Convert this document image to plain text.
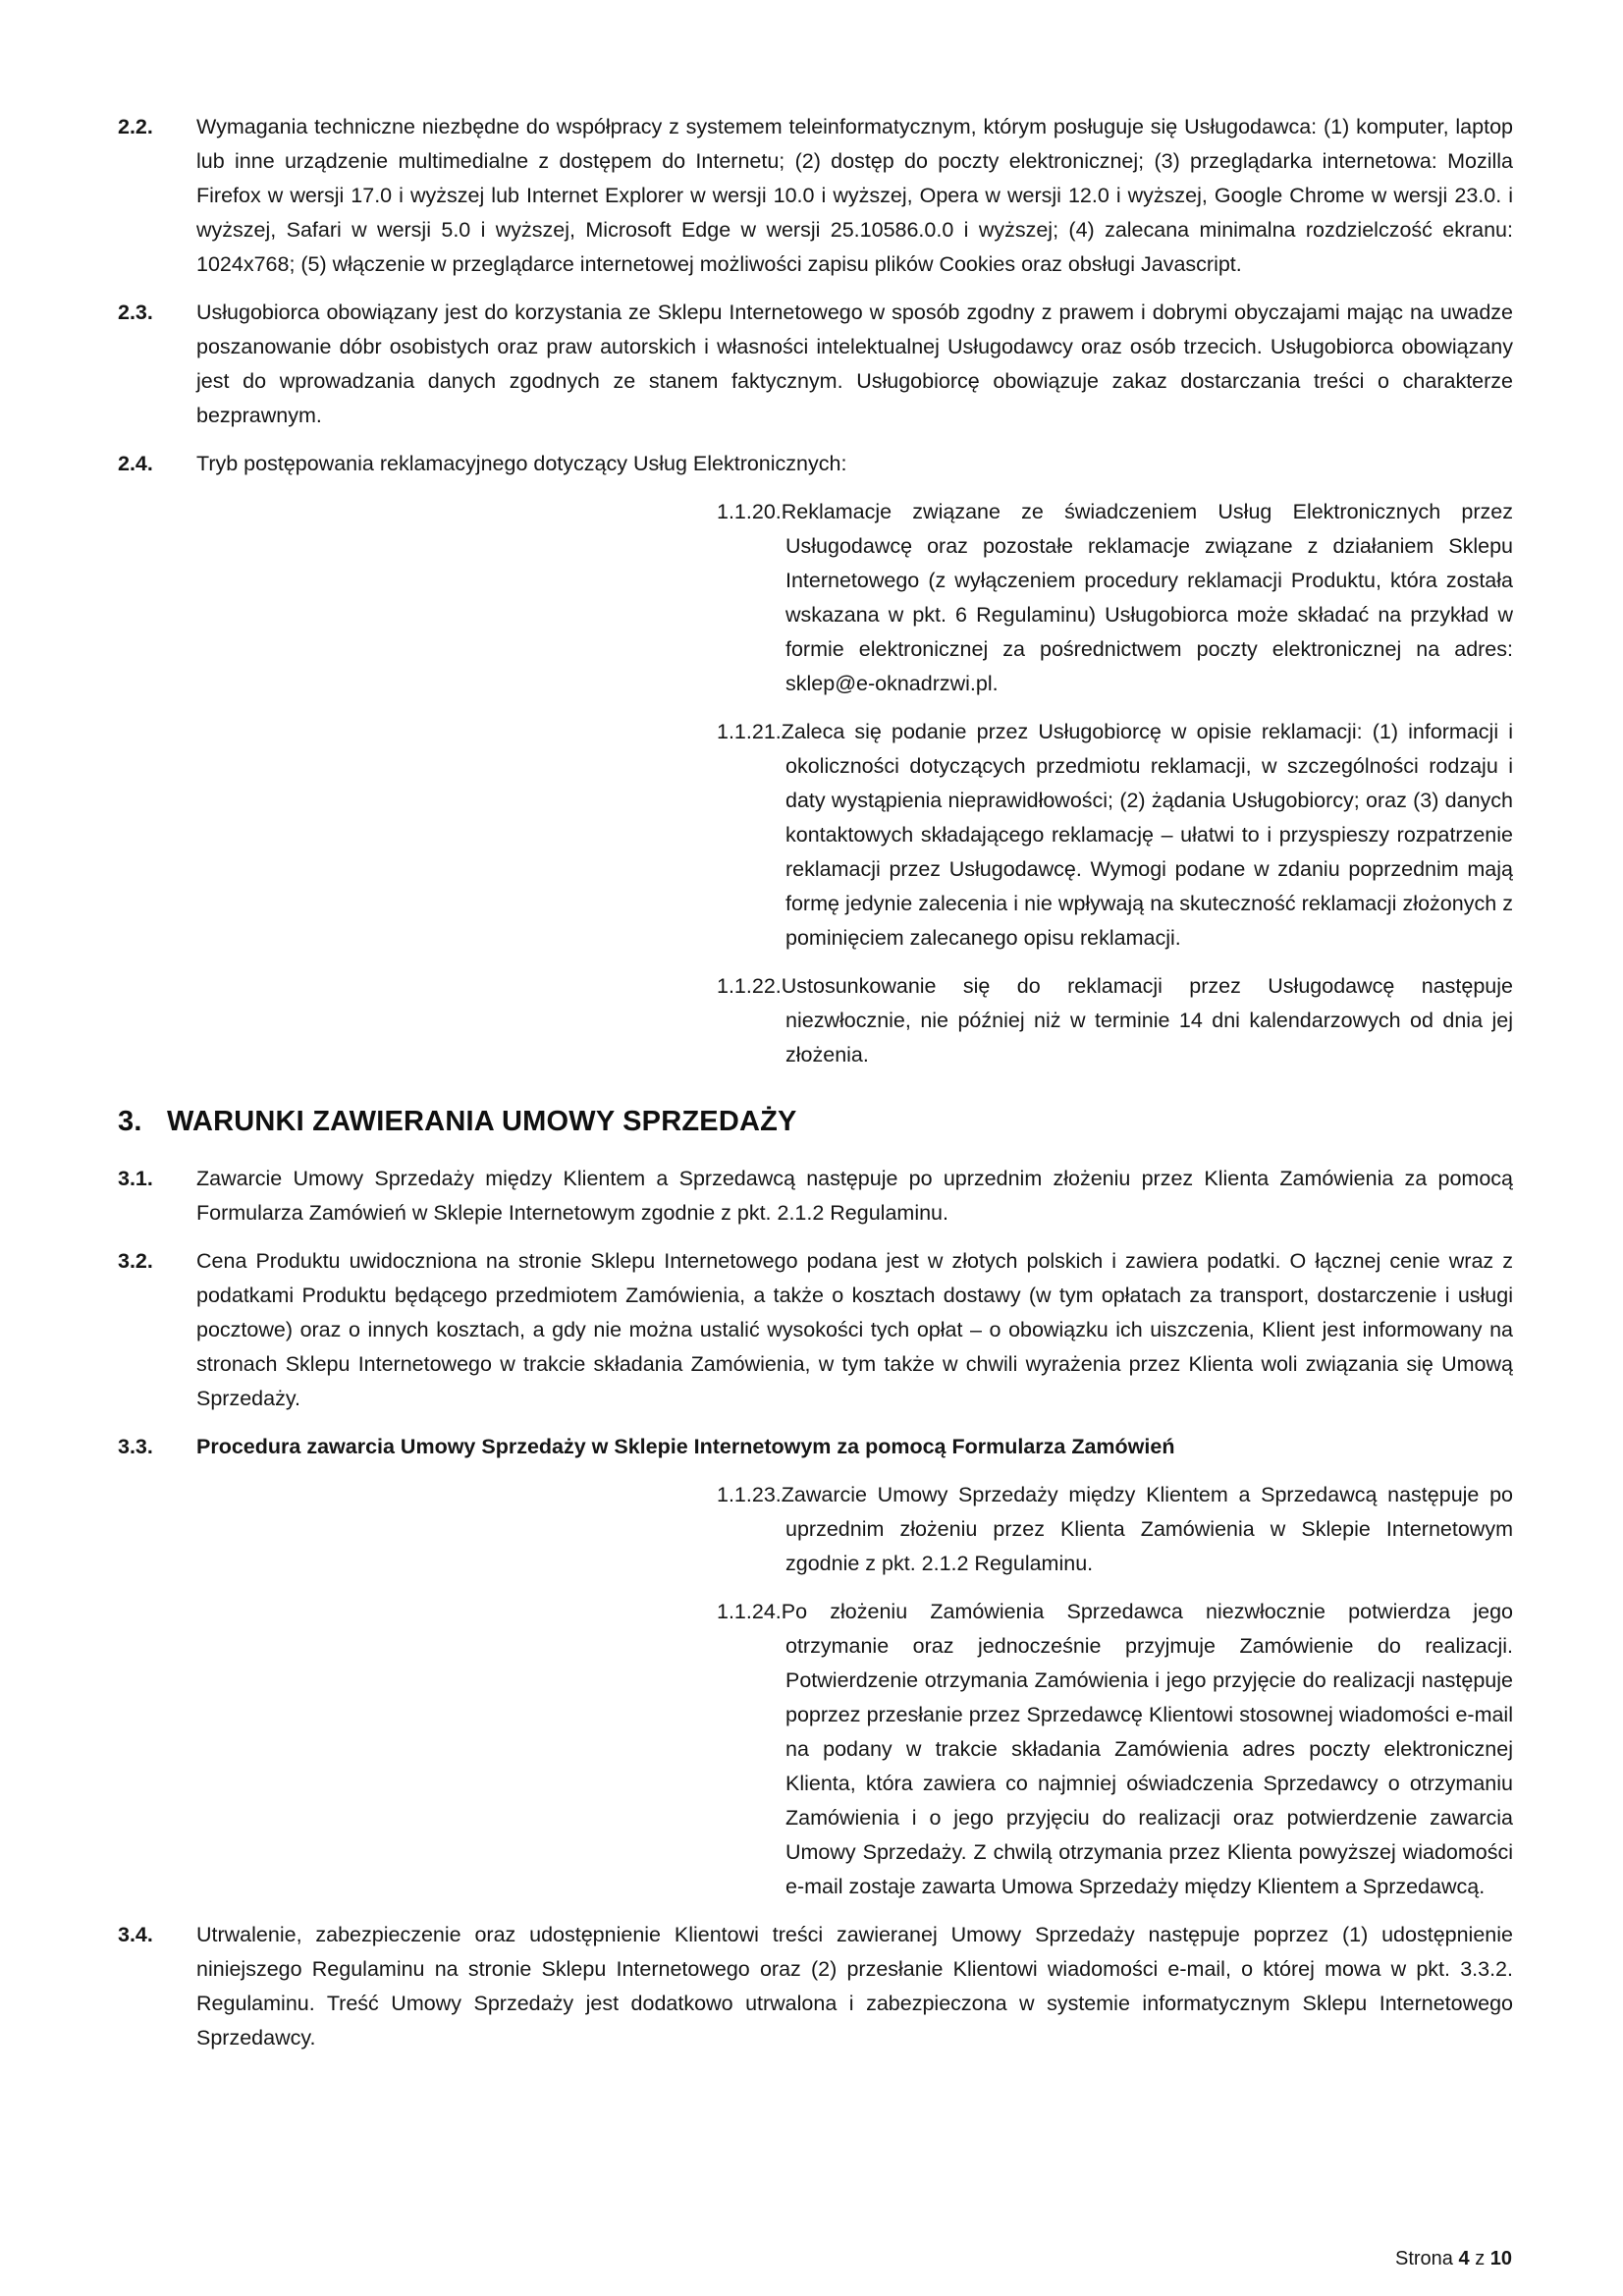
2.2.	Wymagania techniczne niezbędne do współpracy z systemem teleinformatycznym, którym posługuje się Usługodawca: (1) komputer, laptop lub inne urządzenie multimedialne z dostępem do Internetu; (2) dostęp do poczty elektronicznej; (3) przeglądarka internetowa: Mozilla Firefox w wersji 17.0 i wyższej lub Internet Explorer w wersji 10.0 i wyższej, Opera w wersji 12.0 i wyższej, Google Chrome w wersji 23.0. i wyższej, Safari w wersji 5.0 i wyższej, Microsoft Edge w wersji 25.10586.0.0 i wyższej; (4) zalecana minimalna rozdzielczość ekranu: 1024x768; (5) włączenie w przeglądarce internetowej możliwości zapisu plików Cookies oraz obsługi Javascript.
2.3.	Usługobiorca obowiązany jest do korzystania ze Sklepu Internetowego w sposób zgodny z prawem i dobrymi obyczajami mając na uwadze poszanowanie dóbr osobistych oraz praw autorskich i własności intelektualnej Usługodawcy oraz osób trzecich. Usługobiorca obowiązany jest do wprowadzania danych zgodnych ze stanem faktycznym. Usługobiorcę obowiązuje zakaz dostarczania treści o charakterze bezprawnym.
2.4.	Tryb postępowania reklamacyjnego dotyczący Usług Elektronicznych:
1.1.20.Reklamacje związane ze świadczeniem Usług Elektronicznych przez Usługodawcę oraz pozostałe reklamacje związane z działaniem Sklepu Internetowego (z wyłączeniem procedury reklamacji Produktu, która została wskazana w pkt. 6 Regulaminu) Usługobiorca może składać na przykład w formie elektronicznej za pośrednictwem poczty elektronicznej na adres: sklep@e-oknadrzwi.pl.
1.1.21.Zaleca się podanie przez Usługobiorcę w opisie reklamacji: (1) informacji i okoliczności dotyczących przedmiotu reklamacji, w szczególności rodzaju i daty wystąpienia nieprawidłowości; (2) żądania Usługobiorcy; oraz (3) danych kontaktowych składającego reklamację – ułatwi to i przyspieszy rozpatrzenie reklamacji przez Usługodawcę. Wymogi podane w zdaniu poprzednim mają formę jedynie zalecenia i nie wpływają na skuteczność reklamacji złożonych z pominięciem zalecanego opisu reklamacji.
1.1.22.Ustosunkowanie się do reklamacji przez Usługodawcę następuje niezwłocznie, nie później niż w terminie 14 dni kalendarzowych od dnia jej złożenia.
3. WARUNKI ZAWIERANIA UMOWY SPRZEDAŻY
3.1.	Zawarcie Umowy Sprzedaży między Klientem a Sprzedawcą następuje po uprzednim złożeniu przez Klienta Zamówienia za pomocą Formularza Zamówień w Sklepie Internetowym zgodnie z pkt. 2.1.2 Regulaminu.
3.2.	Cena Produktu uwidoczniona na stronie Sklepu Internetowego podana jest w złotych polskich i zawiera podatki. O łącznej cenie wraz z podatkami Produktu będącego przedmiotem Zamówienia, a także o kosztach dostawy (w tym opłatach za transport, dostarczenie i usługi pocztowe) oraz o innych kosztach, a gdy nie można ustalić wysokości tych opłat – o obowiązku ich uiszczenia, Klient jest informowany na stronach Sklepu Internetowego w trakcie składania Zamówienia, w tym także w chwili wyrażenia przez Klienta woli związania się Umową Sprzedaży.
3.3.	Procedura zawarcia Umowy Sprzedaży w Sklepie Internetowym za pomocą Formularza Zamówień
1.1.23.Zawarcie Umowy Sprzedaży między Klientem a Sprzedawcą następuje po uprzednim złożeniu przez Klienta Zamówienia w Sklepie Internetowym zgodnie z pkt. 2.1.2 Regulaminu.
1.1.24.Po złożeniu Zamówienia Sprzedawca niezwłocznie potwierdza jego otrzymanie oraz jednocześnie przyjmuje Zamówienie do realizacji. Potwierdzenie otrzymania Zamówienia i jego przyjęcie do realizacji następuje poprzez przesłanie przez Sprzedawcę Klientowi stosownej wiadomości e-mail na podany w trakcie składania Zamówienia adres poczty elektronicznej Klienta, która zawiera co najmniej oświadczenia Sprzedawcy o otrzymaniu Zamówienia i o jego przyjęciu do realizacji oraz potwierdzenie zawarcia Umowy Sprzedaży. Z chwilą otrzymania przez Klienta powyższej wiadomości e-mail zostaje zawarta Umowa Sprzedaży między Klientem a Sprzedawcą.
3.4.	Utrwalenie, zabezpieczenie oraz udostępnienie Klientowi treści zawieranej Umowy Sprzedaży następuje poprzez (1) udostępnienie niniejszego Regulaminu na stronie Sklepu Internetowego oraz (2) przesłanie Klientowi wiadomości e-mail, o której mowa w pkt. 3.3.2. Regulaminu. Treść Umowy Sprzedaży jest dodatkowo utrwalona i zabezpieczona w systemie informatycznym Sklepu Internetowego Sprzedawcy.
Strona 4 z 10
